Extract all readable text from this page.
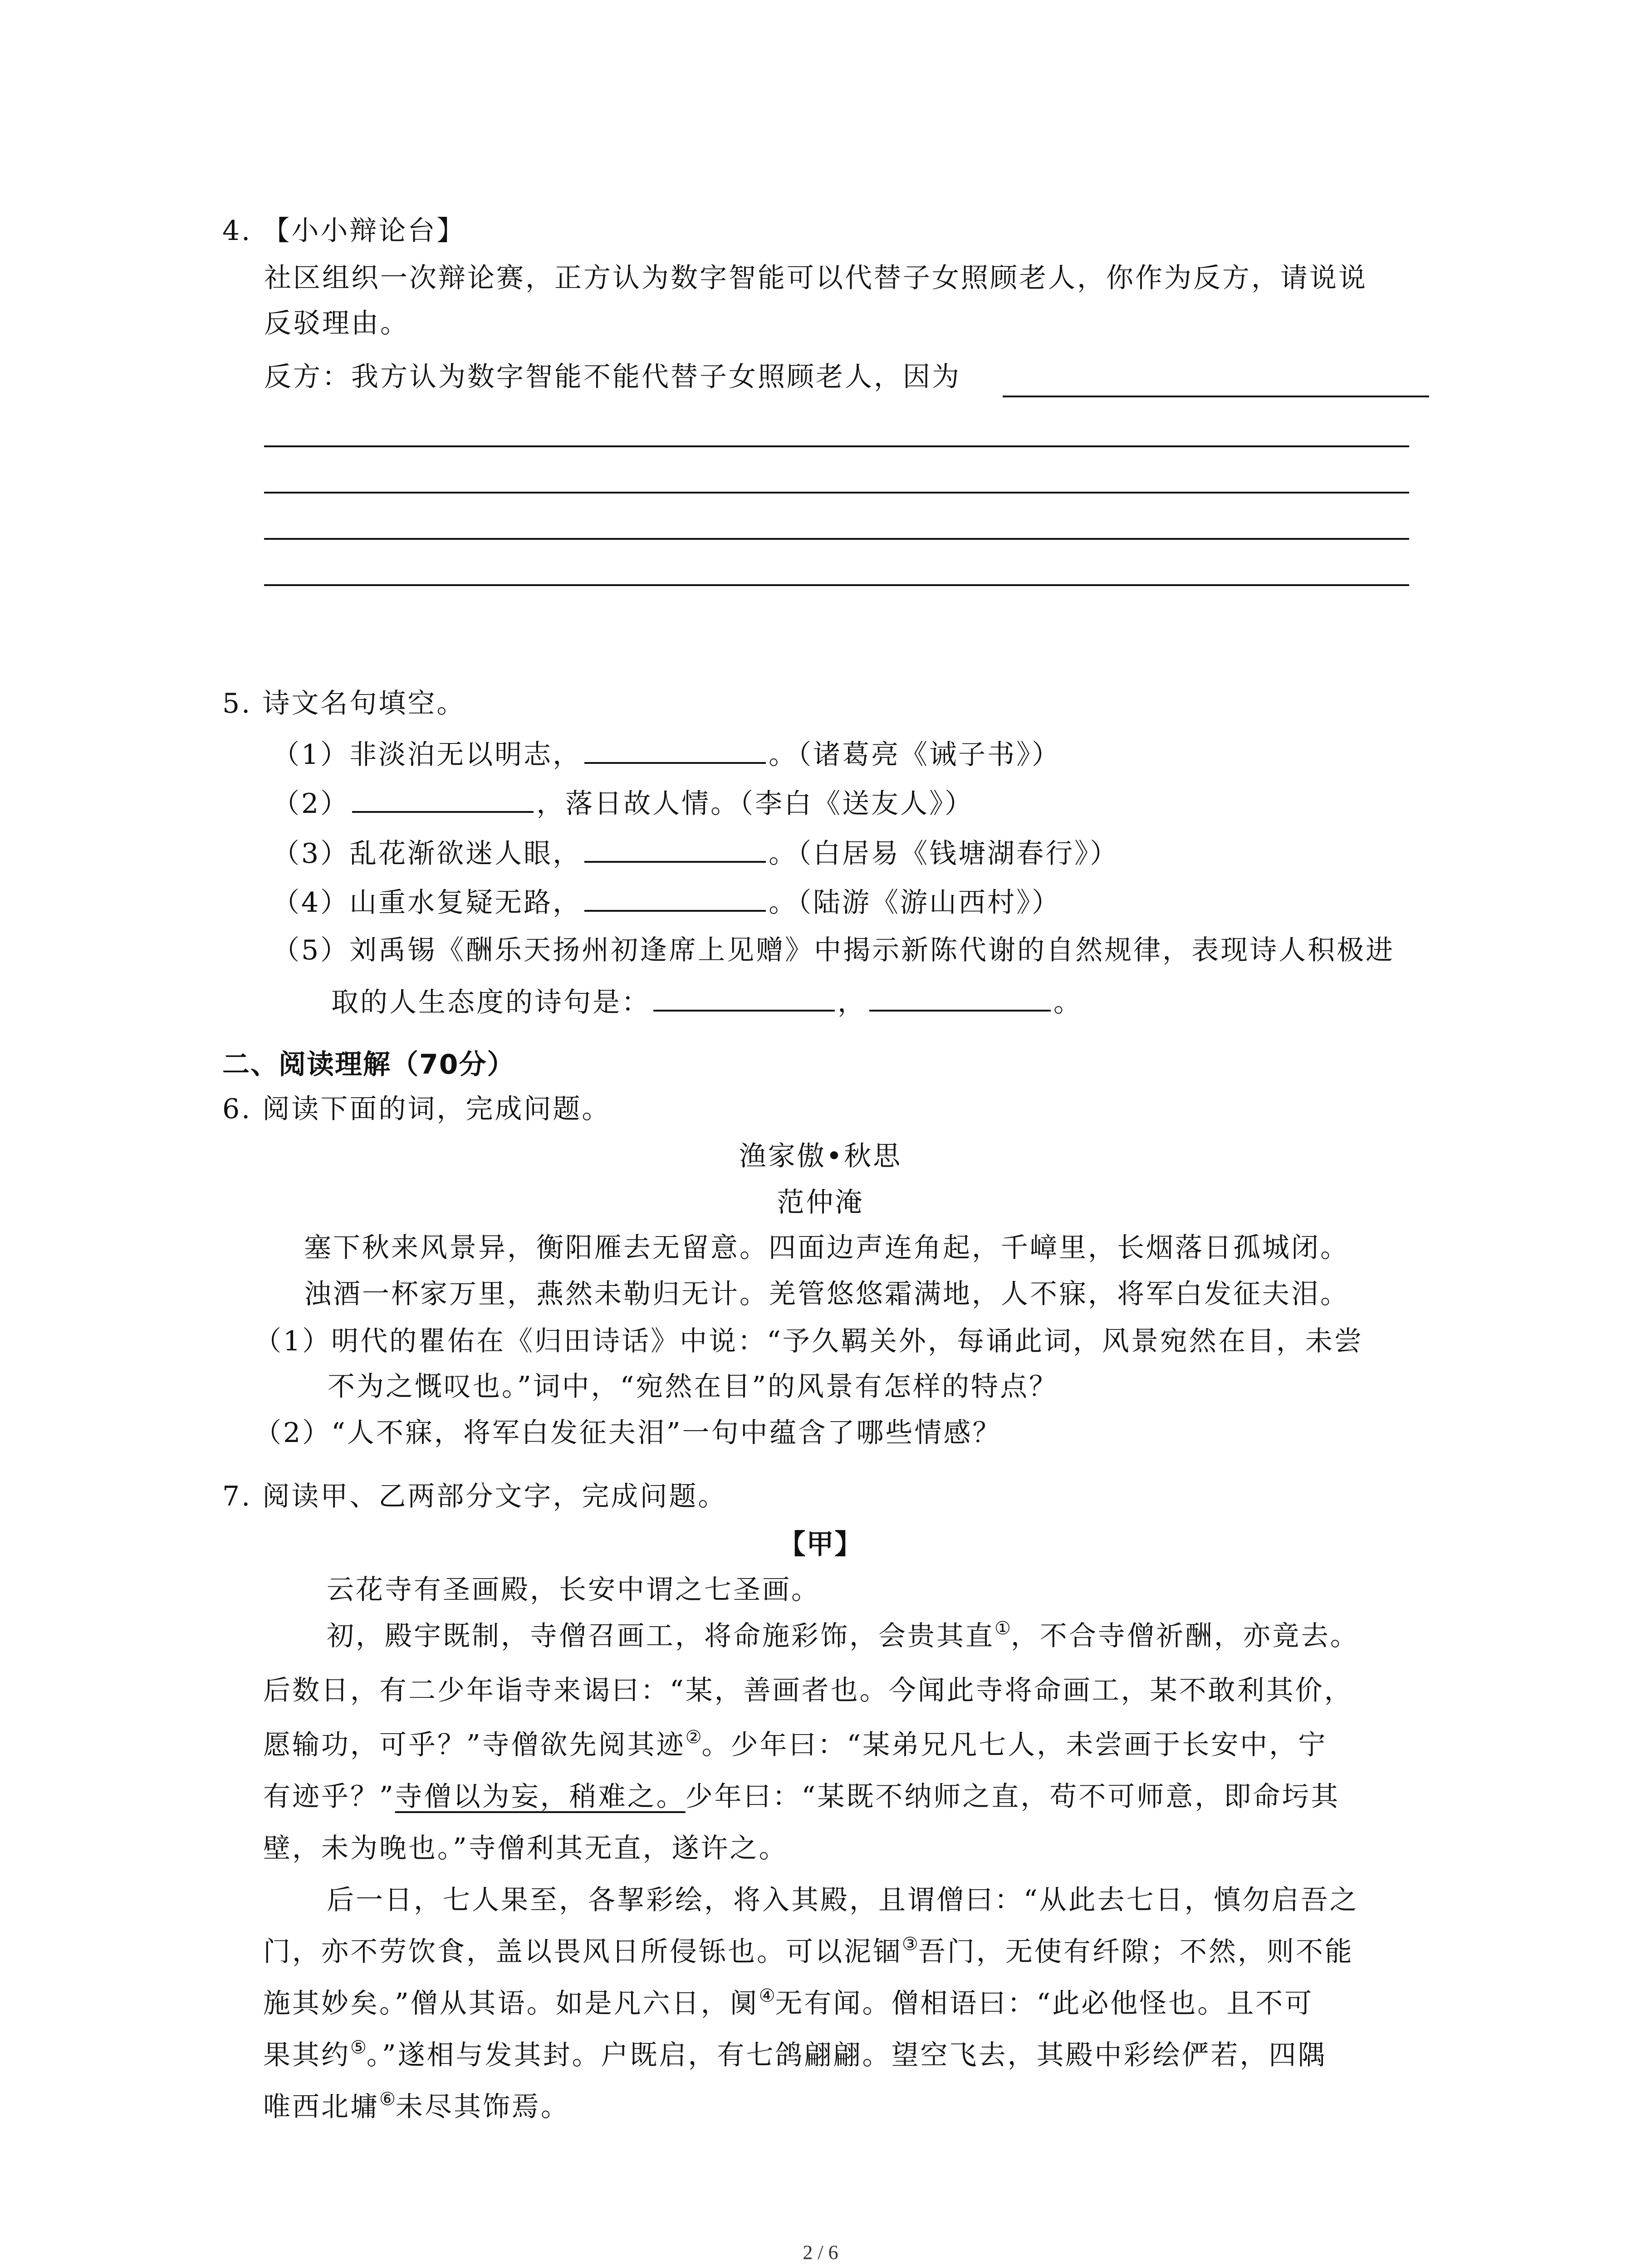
4. 【小小辩论台】
社区组织一次辩论赛，正方认为数字智能可以代替子女照顾老人，你作为反方，请说说
反驳理由。
反方：我方认为数字智能不能代替子女照顾老人，因为
5. 诗文名句填空。
（1）非淡泊无以明志，	。（诸葛亮《诫子书》）
（2）	，落日故人情。（李白《送友人》）
（3）乱花渐欲迷人眼，	。（白居易《钱塘湖春行》）
（4）山重水复疑无路，	。（陆游《游山西村》）
（5）刘禹锡《酬乐天扬州初逢席上见赠》中揭示新陈代谢的自然规律，表现诗人积极进
取的人生态度的诗句是：	，	。
二、阅读理解（70分）
6. 阅读下面的词，完成问题。
渔家傲•秋思
范仲淹
塞下秋来风景异，衡阳雁去无留意。四面边声连角起，千嶂里，长烟落日孤城闭。
浊酒一杯家万里，燕然未勒归无计。羌管悠悠霜满地，人不寐，将军白发征夫泪。
（1）明代的瞿佑在《归田诗话》中说：“予久羁关外，每诵此词，风景宛然在目，未尝
不为之慨叹也。”词中，“宛然在目”的风景有怎样的特点？
（2）“人不寐，将军白发征夫泪”一句中蕴含了哪些情感？
7. 阅读甲、乙两部分文字，完成问题。
【甲】
云花寺有圣画殿，长安中谓之七圣画。
初，殿宇既制，寺僧召画工，将命施彩饰，会贵其直①，不合寺僧祈酬，亦竟去。
后数日，有二少年诣寺来谒曰：“某，善画者也。今闻此寺将命画工，某不敢利其价，
愿输功，可乎？”寺僧欲先阅其迹②。少年曰：“某弟兄凡七人，未尝画于长安中，宁
有迹乎？”寺僧以为妄，稍难之。少年曰：“某既不纳师之直，苟不可师意，即命圬其
壁，未为晚也。”寺僧利其无直，遂许之。
后一日，七人果至，各挈彩绘，将入其殿，且谓僧曰：“从此去七日，慎勿启吾之
门，亦不劳饮食，盖以畏风日所侵铄也。可以泥锢③吾门，无使有纤隙；不然，则不能
施其妙矣。”僧从其语。如是凡六日，阒④无有闻。僧相语曰：“此必他怪也。且不可
果其约⑤。”遂相与发其封。户既启，有七鸽翩翩。望空飞去，其殿中彩绘俨若，四隅
唯西北墉⑥未尽其饰焉。
2 / 6
